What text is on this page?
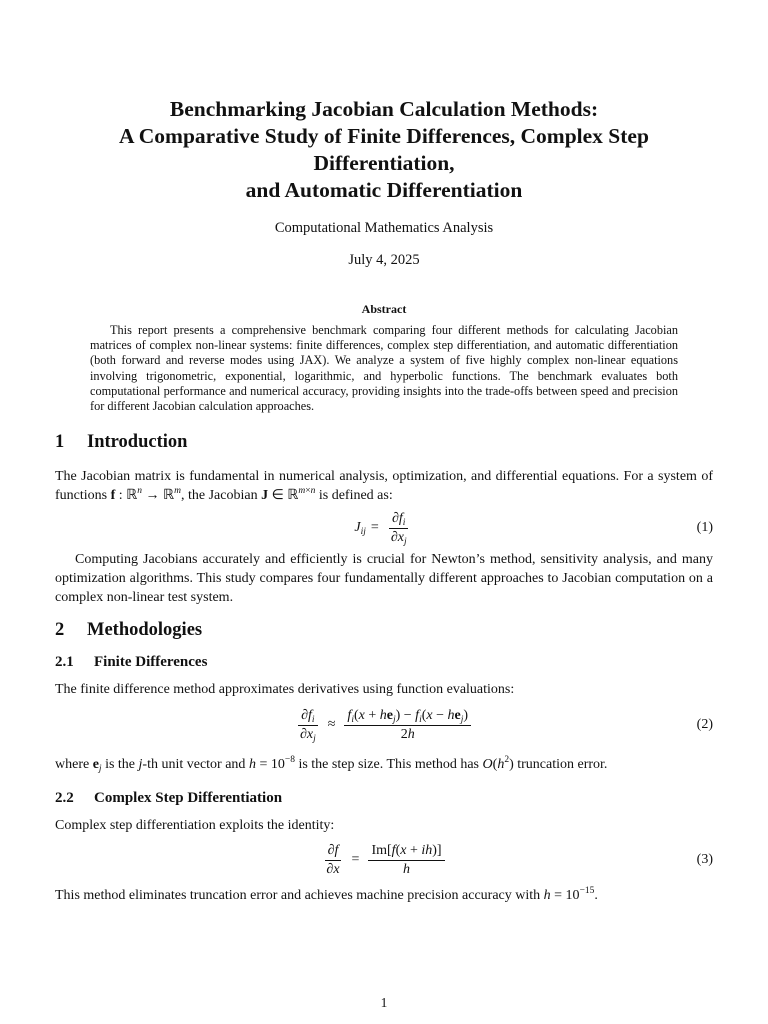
Benchmarking Jacobian Calculation Methods:
A Comparative Study of Finite Differences, Complex Step
Differentiation,
and Automatic Differentiation
Computational Mathematics Analysis
July 4, 2025
Abstract
This report presents a comprehensive benchmark comparing four different methods for calculating Jacobian matrices of complex non-linear systems: finite differences, complex step differentiation, and automatic differentiation (both forward and reverse modes using JAX). We analyze a system of five highly complex non-linear equations involving trigonometric, exponential, logarithmic, and hyperbolic functions. The benchmark evaluates both computational performance and numerical accuracy, providing insights into the trade-offs between speed and precision for different Jacobian calculation approaches.
1 Introduction
The Jacobian matrix is fundamental in numerical analysis, optimization, and differential equations. For a system of functions f : ℝ$^n$ → ℝ$^m$, the Jacobian J ∈ ℝ$^{m\times n}$ is defined as:
$J_{ij} = \frac{\partial f_i}{\partial x_j}$	(1)
Computing Jacobians accurately and efficiently is crucial for Newton’s method, sensitivity analysis, and many optimization algorithms. This study compares four fundamentally different approaches to Jacobian computation on a complex non-linear test system.
2 Methodologies
2.1 Finite Differences
The finite difference method approximates derivatives using function evaluations:
$\frac{\partial f_i}{\partial x_j} \approx \frac{f_i(x + he_j) - f_i(x - he_j)}{2h}$	(2)
where $e_j$ is the j-th unit vector and $h = 10^{-8}$ is the step size. This method has $O(h^2)$ truncation error.
2.2 Complex Step Differentiation
Complex step differentiation exploits the identity:
$\frac{\partial f}{\partial x} = \frac{Im[f(x + ih)]}{h}$	(3)
This method eliminates truncation error and achieves machine precision accuracy with $h = 10^{-15}$.
1
